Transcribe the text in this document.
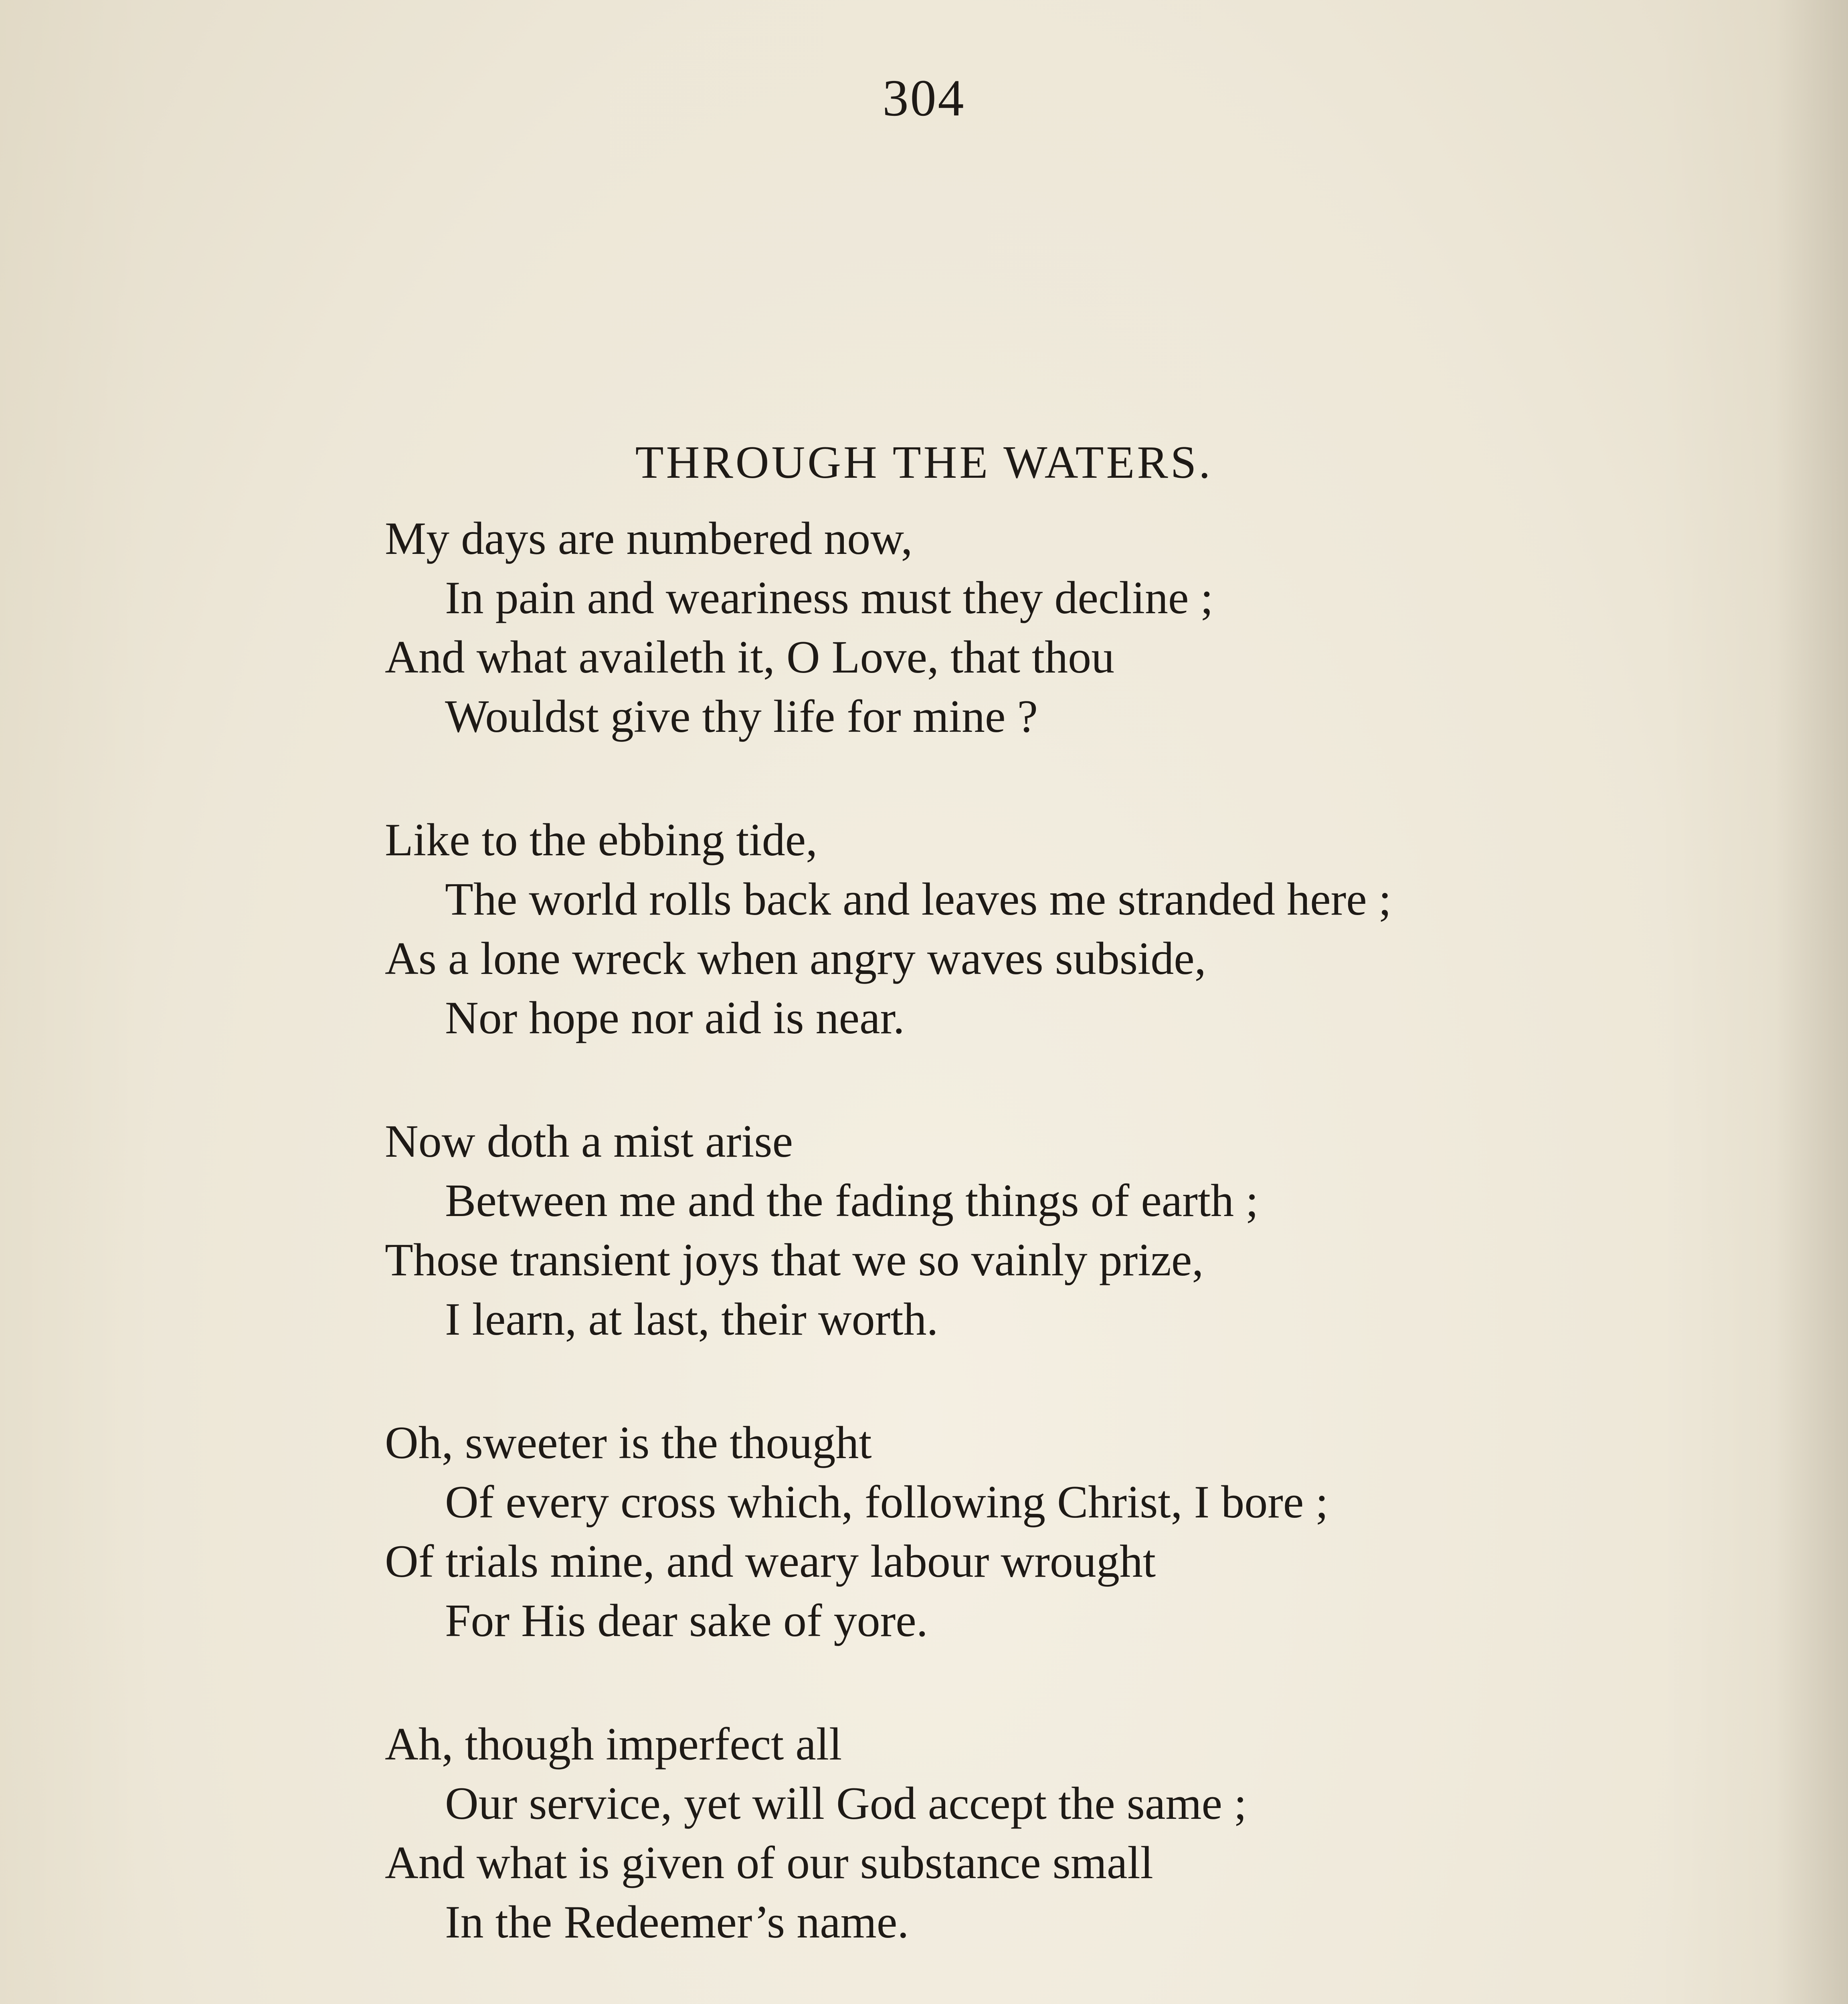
304
THROUGH THE WATERS.
My days are numbered now,
In pain and weariness must they decline ;
And what availeth it, O Love, that thou
Wouldst give thy life for mine ?
Like to the ebbing tide,
The world rolls back and leaves me stranded here ;
As a lone wreck when angry waves subside,
Nor hope nor aid is near.
Now doth a mist arise
Between me and the fading things of earth ;
Those transient joys that we so vainly prize,
I learn, at last, their worth.
Oh, sweeter is the thought
Of every cross which, following Christ, I bore ;
Of trials mine, and weary labour wrought
For His dear sake of yore.
Ah, though imperfect all
Our service, yet will God accept the same ;
And what is given of our substance small
In the Redeemer’s name.
